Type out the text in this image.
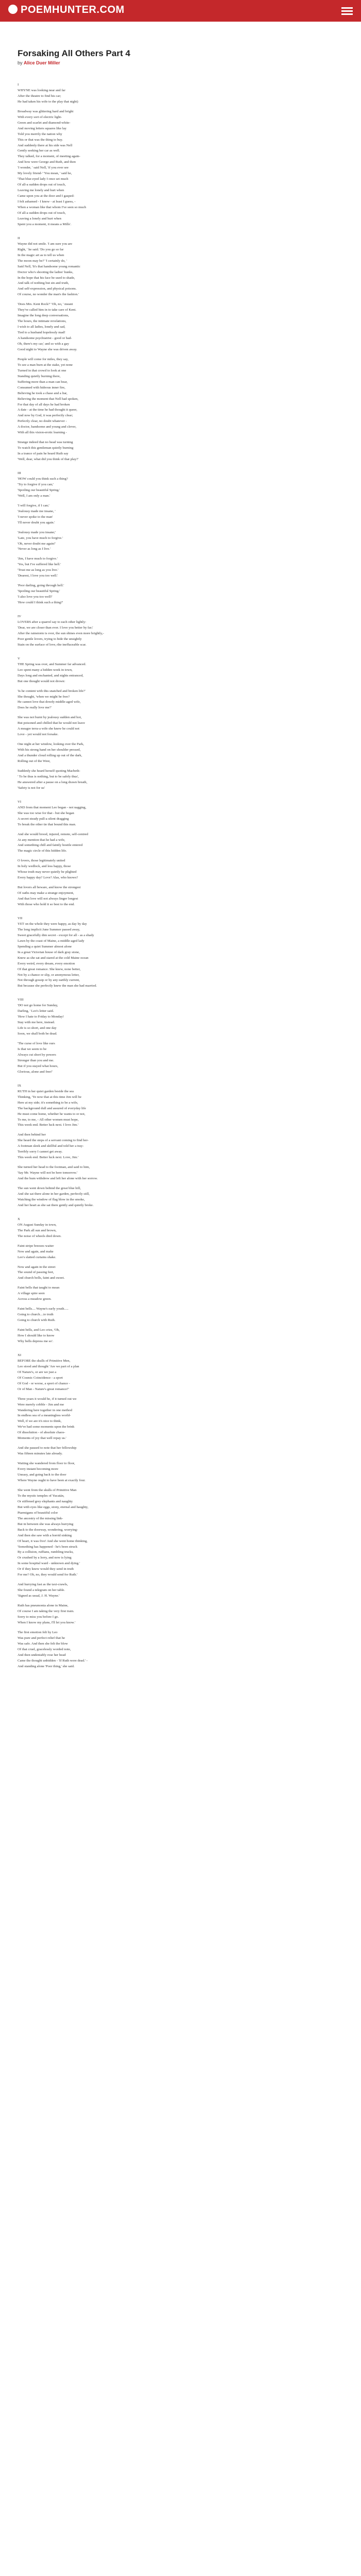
POEMHUNTER.COM
Forsaking All Others Part 4
by Alice Duer Miller
I
WHYNE was looking near and far
After the theatre to find his car;
He had taken his wife to the play that night)
Broadway was glittering hard and bright
With every sort of electric light-
Green and scarlet and diamond-white-
And moving letters squares like lay
Told you merrily the nation why
This or that was the thing to buy.
And suddenly there at his side was Nell
Gently seeking her car as well.
They talked, for a moment, of meeting again-
And how were George and Ruth, and then
'I wonder, ' said Nell, 'if you ever see
My lovely friend-' 'You mean, ' said he,
'That blue-eyed lady I once set much
Of all-a sudden drops out of touch,
Leaving me lonely and hurt when
Came upon you at the door and I gasped-
I felt ashamed - I know - at least I guess, -
When a woman like that whom I've seen so much
Of all-a sudden drops out of touch,
Leaving a lonely and hurt when
Spent you a moment, it means a Mills'.
II
Wayne did not smile. 'I am sure you are
Right, ' he said. 'Do you go so far
In the magic art as to tell us when
The moon may be?' 'I certainly do, '
Said Nell, 'It's that handsome young romantic
Doctor who's shooting the ladies' hunks,
In the hope that his face be used to shade,
And talk of nothing but sin and truth,
And self-expression, and physical poisons.
Of course, no wonder the man's the fashion.'
'Does Mrs. Kent Rock?' 'Oh, no, ' meant
They've called him in to take care of Kent.
Imagine the long deep conversations,
The hours, the intimate revelations,
I wish to all ladies, lonely and sad,
Tied to a husband hopelessly mad!
A handsome psychiatrist - good or bad-
Oh, there's my car,' and so with a gay
Good night to Wayne she was driven away.
People will come for miles, they say,
To see a man burn at the stake, yet none
Turned in that crowd to look at one
Standing quietly burning there,
Suffering more than a man can bear,
Consumed with hideous inner fire,
Believing he took a chase and a liar,
Believing the moment that Nell had spoken,
For that day of all days he had broken
A date - at the time he had thought it queer,
And now by God, it was perfectly clear;
Perfectly clear, no doubt whatever -
A doctor, handsome and young and clever,
With all this vision-erotic learning -
Strange indeed that no head was turning
To watch this gentleman quietly burning
In a trance of pain he heard Ruth say
'Well, dear, what did you think of that play?'
III
'HOW could you think such a thing?
'Try to forgive if you can;'
'Spoiling our beautiful Spring.'
'Well, I am only a man.'
'I will forgive, if I can;'
'Jealousy made me insane, '
'I never spoke to the man'
'I'll never doubt you again.'
'Jealousy made you insane;'
'Late, you have much to forgive.'
'Oh, never doubt me again!'
'Never as long as I live.'
'Jim, I have much to forgive.'
'Yes, but I've suffered like hell.'
'Trust me as long as you live.'
'Dearest, I love you too well.'
'Poor darling, going through hell.'
'Spoiling our beautiful Spring.'
'I also love you too well!'
'How could I think such a thing?'
IV
LOVERS after a quarrel say to each other lightly:
'Dear, we are closer than ever. I love you better by far;'
After the rainstorm is over, the sun shines even more brightly,-
Poor gentle lovers, trying to hide the unsightly
Stain on the surface of love,-the ineffaceable scar.
V
THE Spring was over, and Summer far advanced.
Leo spent many a hidden week in town,
Days long and enchanted, and nights entranced,
But one thought would not drown:
'Is he content with this snatched and broken life?'
She thought, 'when we might be free?
He cannot love that dowdy middle-aged wife,
Does he really love me?'
She was not burnt by jealousy sudden and hot,
But poisoned and chilled that he would not leave
A meagre terra-a wife she knew he could not
Love - yet would not forsake.
One night at her window, looking over the Park,
With his strong hand on her shoulder pressed,
And a thunder cloud rolling up out of the dark,
Rolling out of the West,
Suddenly she heard herself quoting Macbeth-
' To be thus is nothing, but to be safely thus',
He answered after a pause on a long drawn breath,
'Safety is not for us'
VI
AND from that moment Leo began - not nagging,
She was too wise for that - but she began
A secret steady pull-a silent dragging
To break the other tie that bound this man.
And she would brood, injured, remote, self-centred
At any mention that he had a wife,
And something chill and faintly hostile entered
The magic circle of this hidden life.
O lovers, those legitimately united
In holy wedlock, and less happy, those
Whose truth may never quietly be plighted
Every happy day? Love? Alas, who knows?
But lovers all beware, and know the strongest
Of oaths may make a strange enjoyment,
And that love will not always linger longest
With those who hold it so best to the end.
VII
YET on the whole they were happy, as day by day
The long implicit June Summer passed away,
Sweet gracefully dim secret - except for all - as a shady
Lawn by the coast of Maine, a middle-aged lady
Spending a quiet Summer almost alone
In a great Victorian house of dark gray stone,
Knew as she sat and stared at the cold Maine ocean
Every weird, every dream, every emotion
Of that great romance. She knew, none better,
Not by a chance or slip, or anonymous letter,
Not through gossip or by any earthly current,
But because she perfectly knew the man she had married.
VIII
'DO not go home for Sunday,
Darling, ' Leo's letter said.
'How I hate to Friday to Monday!
Stay with me here, instead.
Life is so short, and one day
Soon, we shall both be dead.
'The curse of love like ours
Is that we seem to be
Always cut short by powers
Stronger than you and me.
But if you stayed what hours,
Glorious, alone and free!'
IX
RUTH in her quiet garden beside the sea
Thinking, 'Ye now that at this time Jim will be
Here at my side; it's something to be a wife,
The background dull and assured of everyday life
He must come home, whether he wants to or not,
To me, to me, - All other women must hope,
This week end. Better luck next. I love Jim.'
And then behind her
She heard the steps of a servant coming to find her-
A footman sleek and skillful and told her a tray-
Terribly sorry I cannot get away.
This week end. Better luck next. Love, Jim.'
She turned her head to the footman, and said to him,
'Say Mr. Wayne will not be here tomorrow.'
And the hum withdrew and left her alone with her sorrow.
The sun went down behind the great blue hill,
And she sat there alone in her garden, perfectly still,
Watching the window of flag blow in the smoke,
And her heart as she sat there gently and quietly broke.
X
ON August Sunday in town,
The Park all sun and brown,
The noise of wheels died down.
Faint stripe breezes waiter
Now and again, and make
Leo's slatted curtains shake.
Now and again in the street
The sound of passing feet,
And church bells, faint and sweet.
Faint bells that taught to mean
A village spire seen
Across a meadow green.
Faint bells.... Wayne's early youth.....
Going to church....to truth
Going to church with Ruth.
Faint bells, and Leo cries, 'Oh,
How I should like to know
Why bells depress me so'.
XI
BEFORE the skulls of Primitive Men,
Leo stood and thought 'Are we part of a plan
Of Nature's, or are we just a
Of Cosmic Coincidence - a sport
Of God - or worse, a sport of chance -
Or of Man - Nature's great romance?'
Three years it would be, if it turned out we
Were merely cobble - Jim and me
Wandering here together in one method
In endless sea of a meaningless world-
Well, if we are it's nice to think,
We've had some moments upon the brink
Of dissolution - of absolute chaos-
Moments of joy that well repay us.'
And she paused to note that her fellowship
Was fifteen minutes late already.
Waiting she wandered from floor to floor,
Every instant becoming more
Uneasy, and going back to the door
Where Wayne ought to have been at exactly four.
She went from the skulls of Primitive Man
To the mystic temples of Yucatán,
Or stiffened grey elephants and naughty
But with eyes like eggs, stony, eternal and haughty,
Ptarmigans of beautiful color
The ancestry of the missing link-
But in between she was always hurrying
Back to the doorway, wondering, worrying-
And then she saw with a horrid sinking
Of heart, it was five! And she went home thinking,
'Something has happened - he's been struck
By a collision, ruffians, rumbling trucks,
Or crushed by a lorry, and now is lying
In some hospital ward - unknown and dying.'
Or if they knew would they send in truth
For me? Oh, no, they would send for Ruth.'
And hurrying fast as the taxi-crawls,
She found a telegram on her table.
'Signed as usual, J. H. Wayne.'
Ruth has pneumonia alone in Maine,
Of course I am taking the very first train.
Sorry to miss you before I go.
When I know my plans, I'll let you know.'
The first emotion felt by Leo
Was pure and perfect relief that he
Was safe. And then she felt the blow
Of that cruel, gracelessly worded note,
And then undeniably rose her head
Came the thought unbidden - 'If Ruth were dead.' -
And standing alone 'Poor thing,' she said.
